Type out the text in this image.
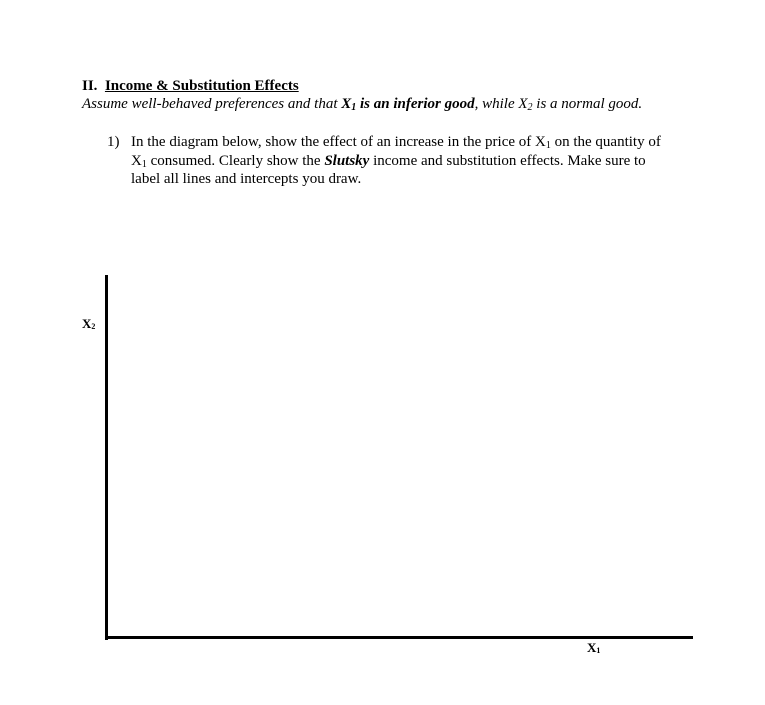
II. Income & Substitution Effects
Assume well-behaved preferences and that $X_1$ is an inferior good, while $X_2$ is a normal good.
1) In the diagram below, show the effect of an increase in the price of $X_1$ on the quantity of
$X_1$ consumed. Clearly show the Slutsky income and substitution effects. Make sure to
label all lines and intercepts you draw.
$X_2$
$X_1$
